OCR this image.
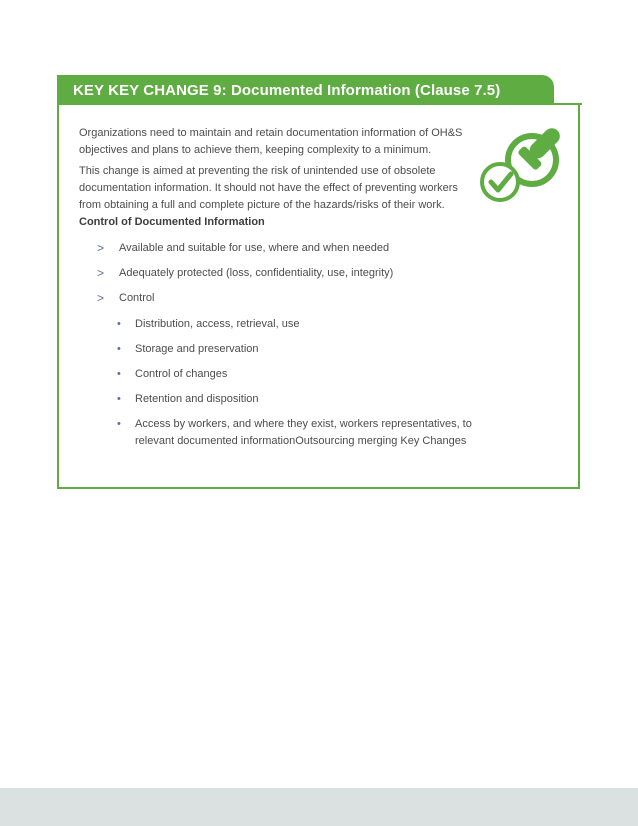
KEY KEY CHANGE 9: Documented Information (Clause 7.5)

Organizations need to maintain and retain documentation information of OH&S objectives and plans to achieve them, keeping complexity to a minimum.

This change is aimed at preventing the risk of unintended use of obsolete documentation information. It should not have the effect of preventing workers from obtaining a full and complete picture of the hazards/risks of their work.

Control of Documented Information
> Available and suitable for use, where and when needed
> Adequately protected (loss, confidentiality, use, integrity)
> Control
• Distribution, access, retrieval, use
• Storage and preservation
• Control of changes
• Retention and disposition
• Access by workers, and where they exist, workers representatives, to relevant documented informationOutsourcing merging Key Changes
